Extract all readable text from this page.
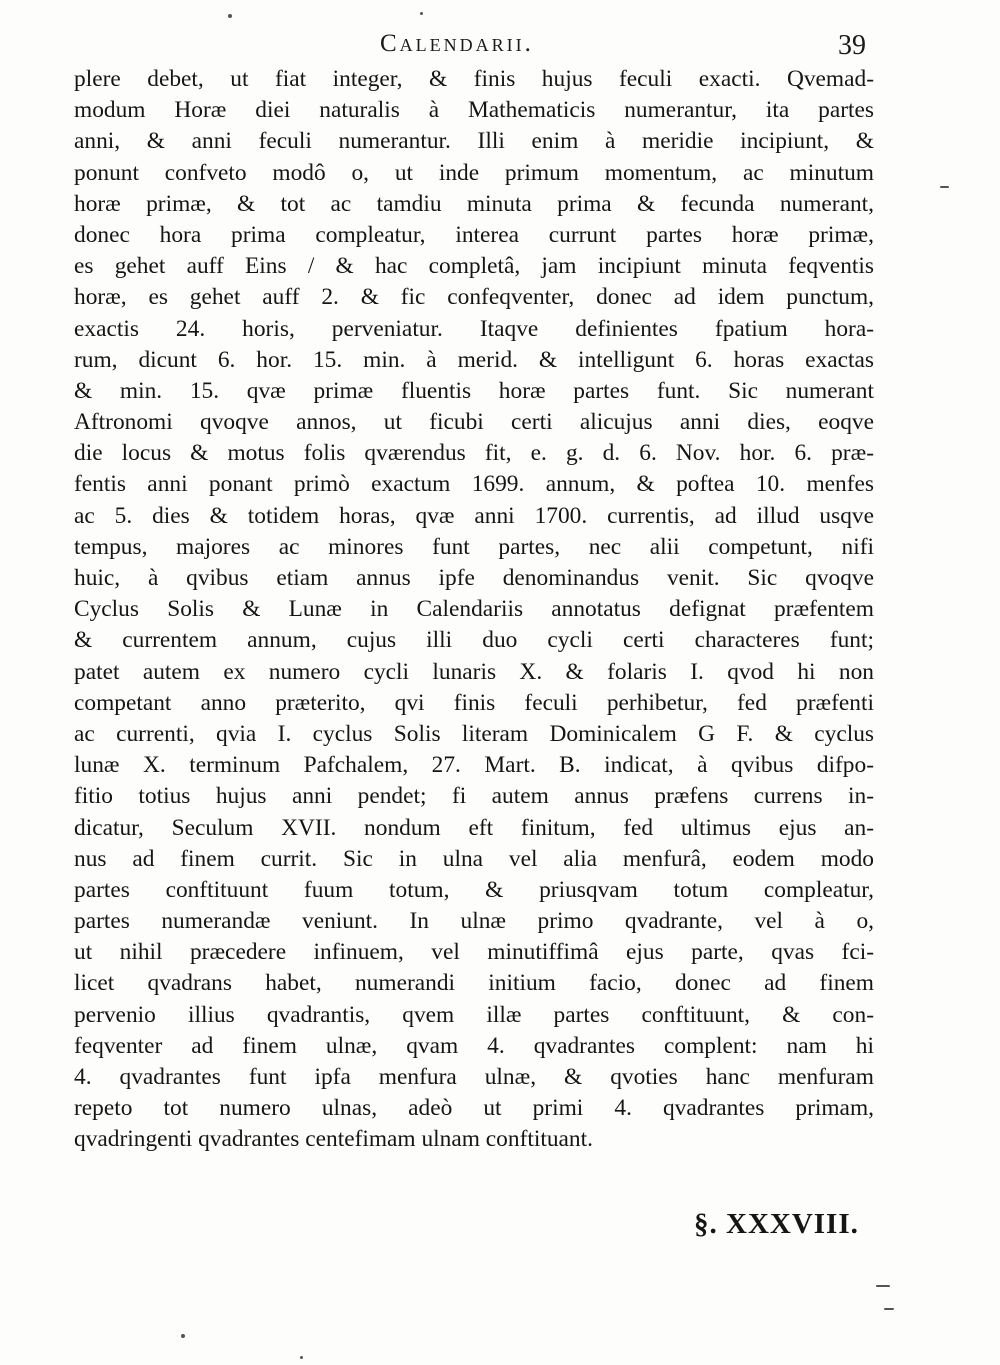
Calendarii.	39
plere debet, ut fiat integer, & finis hujus feculi exacti. Qvemad-
modum Horæ diei naturalis à Mathematicis numerantur, ita partes
anni, & anni feculi numerantur. Illi enim à meridie incipiunt, &
ponunt confveto modô o, ut inde primum momentum, ac minutum
horæ primæ, & tot ac tamdiu minuta prima & fecunda numerant,
donec hora prima compleatur, interea currunt partes horæ primæ,
es gehet auff Eins / & hac completâ, jam incipiunt minuta feqventis
horæ, es gehet auff 2. & fic confeqventer, donec ad idem punctum,
exactis 24. horis, perveniatur. Itaqve definientes fpatium hora-
rum, dicunt 6. hor. 15. min. à merid. & intelligunt 6. horas exactas
& min. 15. qvæ primæ fluentis horæ partes funt. Sic numerant
Aftronomi qvoqve annos, ut ficubi certi alicujus anni dies, eoqve
die locus & motus folis qværendus fit, e. g. d. 6. Nov. hor. 6. præ-
fentis anni ponant primò exactum 1699. annum, & poftea 10. menfes
ac 5. dies & totidem horas, qvæ anni 1700. currentis, ad illud usqve
tempus, majores ac minores funt partes, nec alii competunt, nifi
huic, à qvibus etiam annus ipfe denominandus venit. Sic qvoqve
Cyclus Solis & Lunæ in Calendariis annotatus defignat præfentem
& currentem annum, cujus illi duo cycli certi characteres funt;
patet autem ex numero cycli lunaris X. & folaris I. qvod hi non
competant anno præterito, qvi finis feculi perhibetur, fed præfenti
ac currenti, qvia I. cyclus Solis literam Dominicalem G F. & cyclus
lunæ X. terminum Pafchalem, 27. Mart. B. indicat, à qvibus difpo-
fitio totius hujus anni pendet; fi autem annus præfens currens in-
dicatur, Seculum XVII. nondum eft finitum, fed ultimus ejus an-
nus ad finem currit. Sic in ulna vel alia menfurâ, eodem modo
partes conftituunt fuum totum, & priusqvam totum compleatur,
partes numerandæ veniunt. In ulnæ primo qvadrante, vel à o,
ut nihil præcedere infinuem, vel minutiffimâ ejus parte, qvas fci-
licet qvadrans habet, numerandi initium facio, donec ad finem
pervenio illius qvadrantis, qvem illæ partes conftituunt, & con-
feqventer ad finem ulnæ, qvam 4. qvadrantes complent: nam hi
4. qvadrantes funt ipfa menfura ulnæ, & qvoties hanc menfuram
repeto tot numero ulnas, adeò ut primi 4. qvadrantes primam,
qvadringenti qvadrantes centefimam ulnam conftituant.
§. XXXVIII.
